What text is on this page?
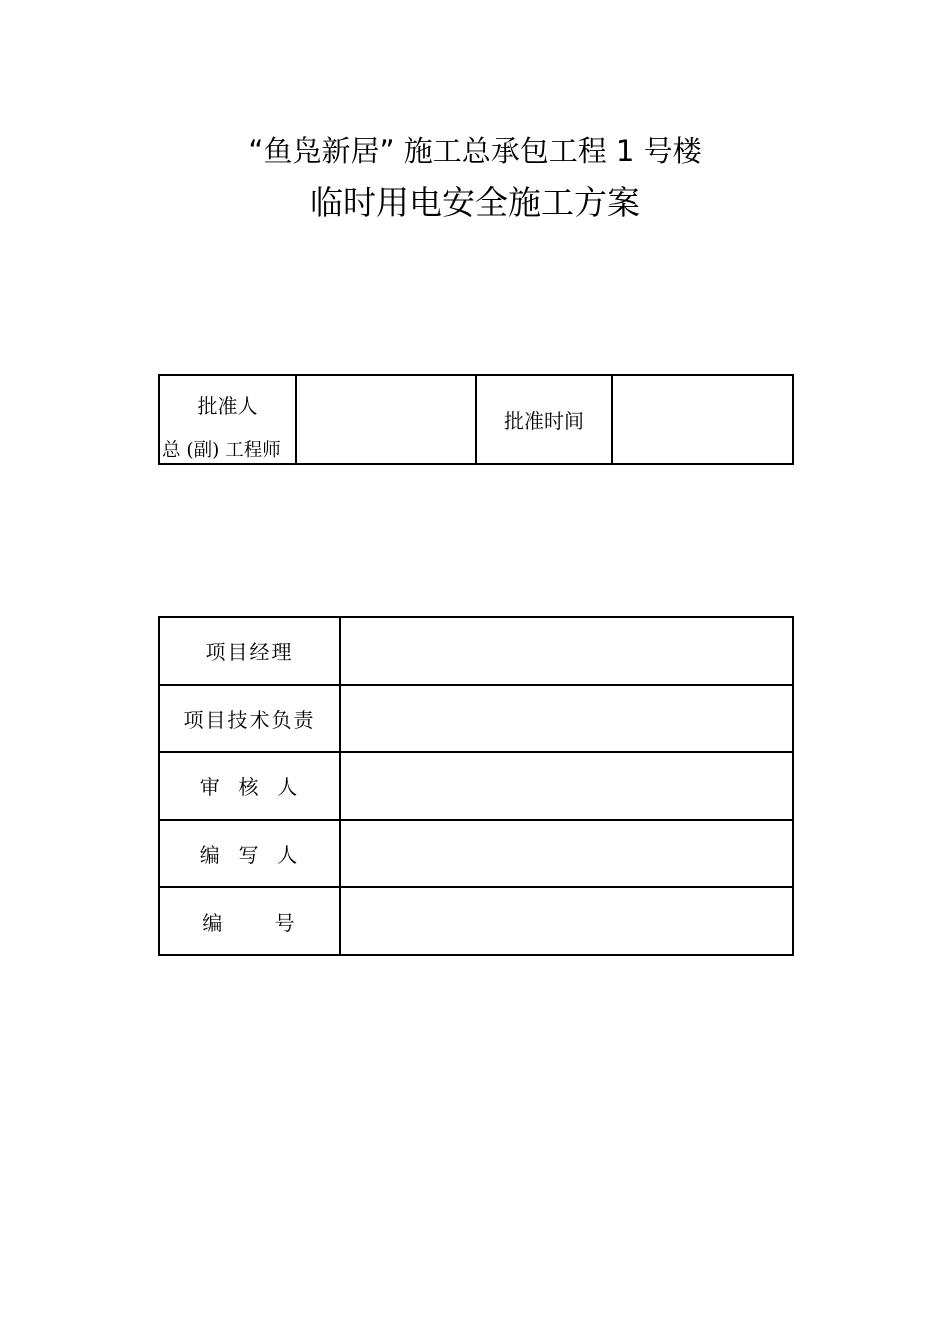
“鱼凫新居” 施工总承包工程 1 号楼
临时用电安全施工方案
批准人
总 (副) 工程师
		批准时间	
项目经理	
项目技术负责	
审  核  人	
编  写  人	
编      号	
